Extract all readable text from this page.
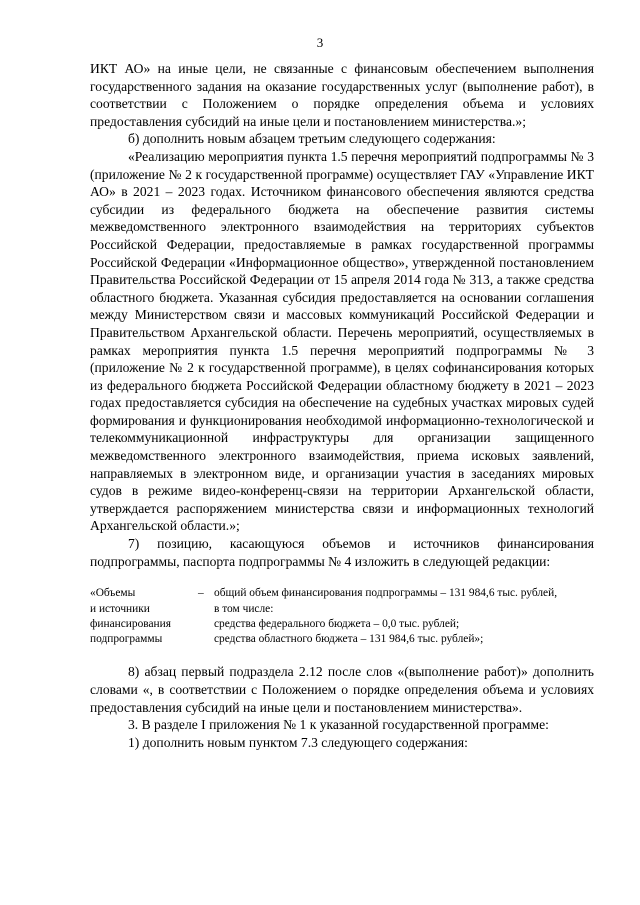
3

ИКТ АО» на иные цели, не связанные с финансовым обеспечением выполнения государственного задания на оказание государственных услуг (выполнение работ), в соответствии с Положением о порядке определения объема и условиях предоставления субсидий на иные цели и постановлением министерства.»;

б) дополнить новым абзацем третьим следующего содержания:

«Реализацию мероприятия пункта 1.5 перечня мероприятий подпрограммы № 3 (приложение № 2 к государственной программе) осуществляет ГАУ «Управление ИКТ АО» в 2021 – 2023 годах. Источником финансового обеспечения являются средства субсидии из федерального бюджета на обеспечение развития системы межведомственного электронного взаимодействия на территориях субъектов Российской Федерации, предоставляемые в рамках государственной программы Российской Федерации «Информационное общество», утвержденной постановлением Правительства Российской Федерации от 15 апреля 2014 года № 313, а также средства областного бюджета. Указанная субсидия предоставляется на основании соглашения между Министерством связи и массовых коммуникаций Российской Федерации и Правительством Архангельской области. Перечень мероприятий, осуществляемых в рамках мероприятия пункта 1.5 перечня мероприятий подпрограммы № 3 (приложение № 2 к государственной программе), в целях софинансирования которых из федерального бюджета Российской Федерации областному бюджету в 2021 – 2023 годах предоставляется субсидия на обеспечение на судебных участках мировых судей формирования и функционирования необходимой информационно-технологической и телекоммуникационной инфраструктуры для организации защищенного межведомственного электронного взаимодействия, приема исковых заявлений, направляемых в электронном виде, и организации участия в заседаниях мировых судов в режиме видео-конференц-связи на территории Архангельской области, утверждается распоряжением министерства связи и информационных технологий Архангельской области.»;

7) позицию, касающуюся объемов и источников финансирования подпрограммы, паспорта подпрограммы № 4 изложить в следующей редакции:

«Объемы
и источники
финансирования
подпрограммы
	–	общий объем финансирования подпрограммы – 131 984,6 тыс. рублей,
в том числе:
средства федерального бюджета – 0,0 тыс. рублей;
средства областного бюджета – 131 984,6 тыс. рублей»;

8) абзац первый подраздела 2.12 после слов «(выполнение работ)» дополнить словами «, в соответствии с Положением о порядке определения объема и условиях предоставления субсидий на иные цели и постановлением министерства».

3. В разделе I приложения № 1 к указанной государственной программе:

1) дополнить новым пунктом 7.3 следующего содержания:
